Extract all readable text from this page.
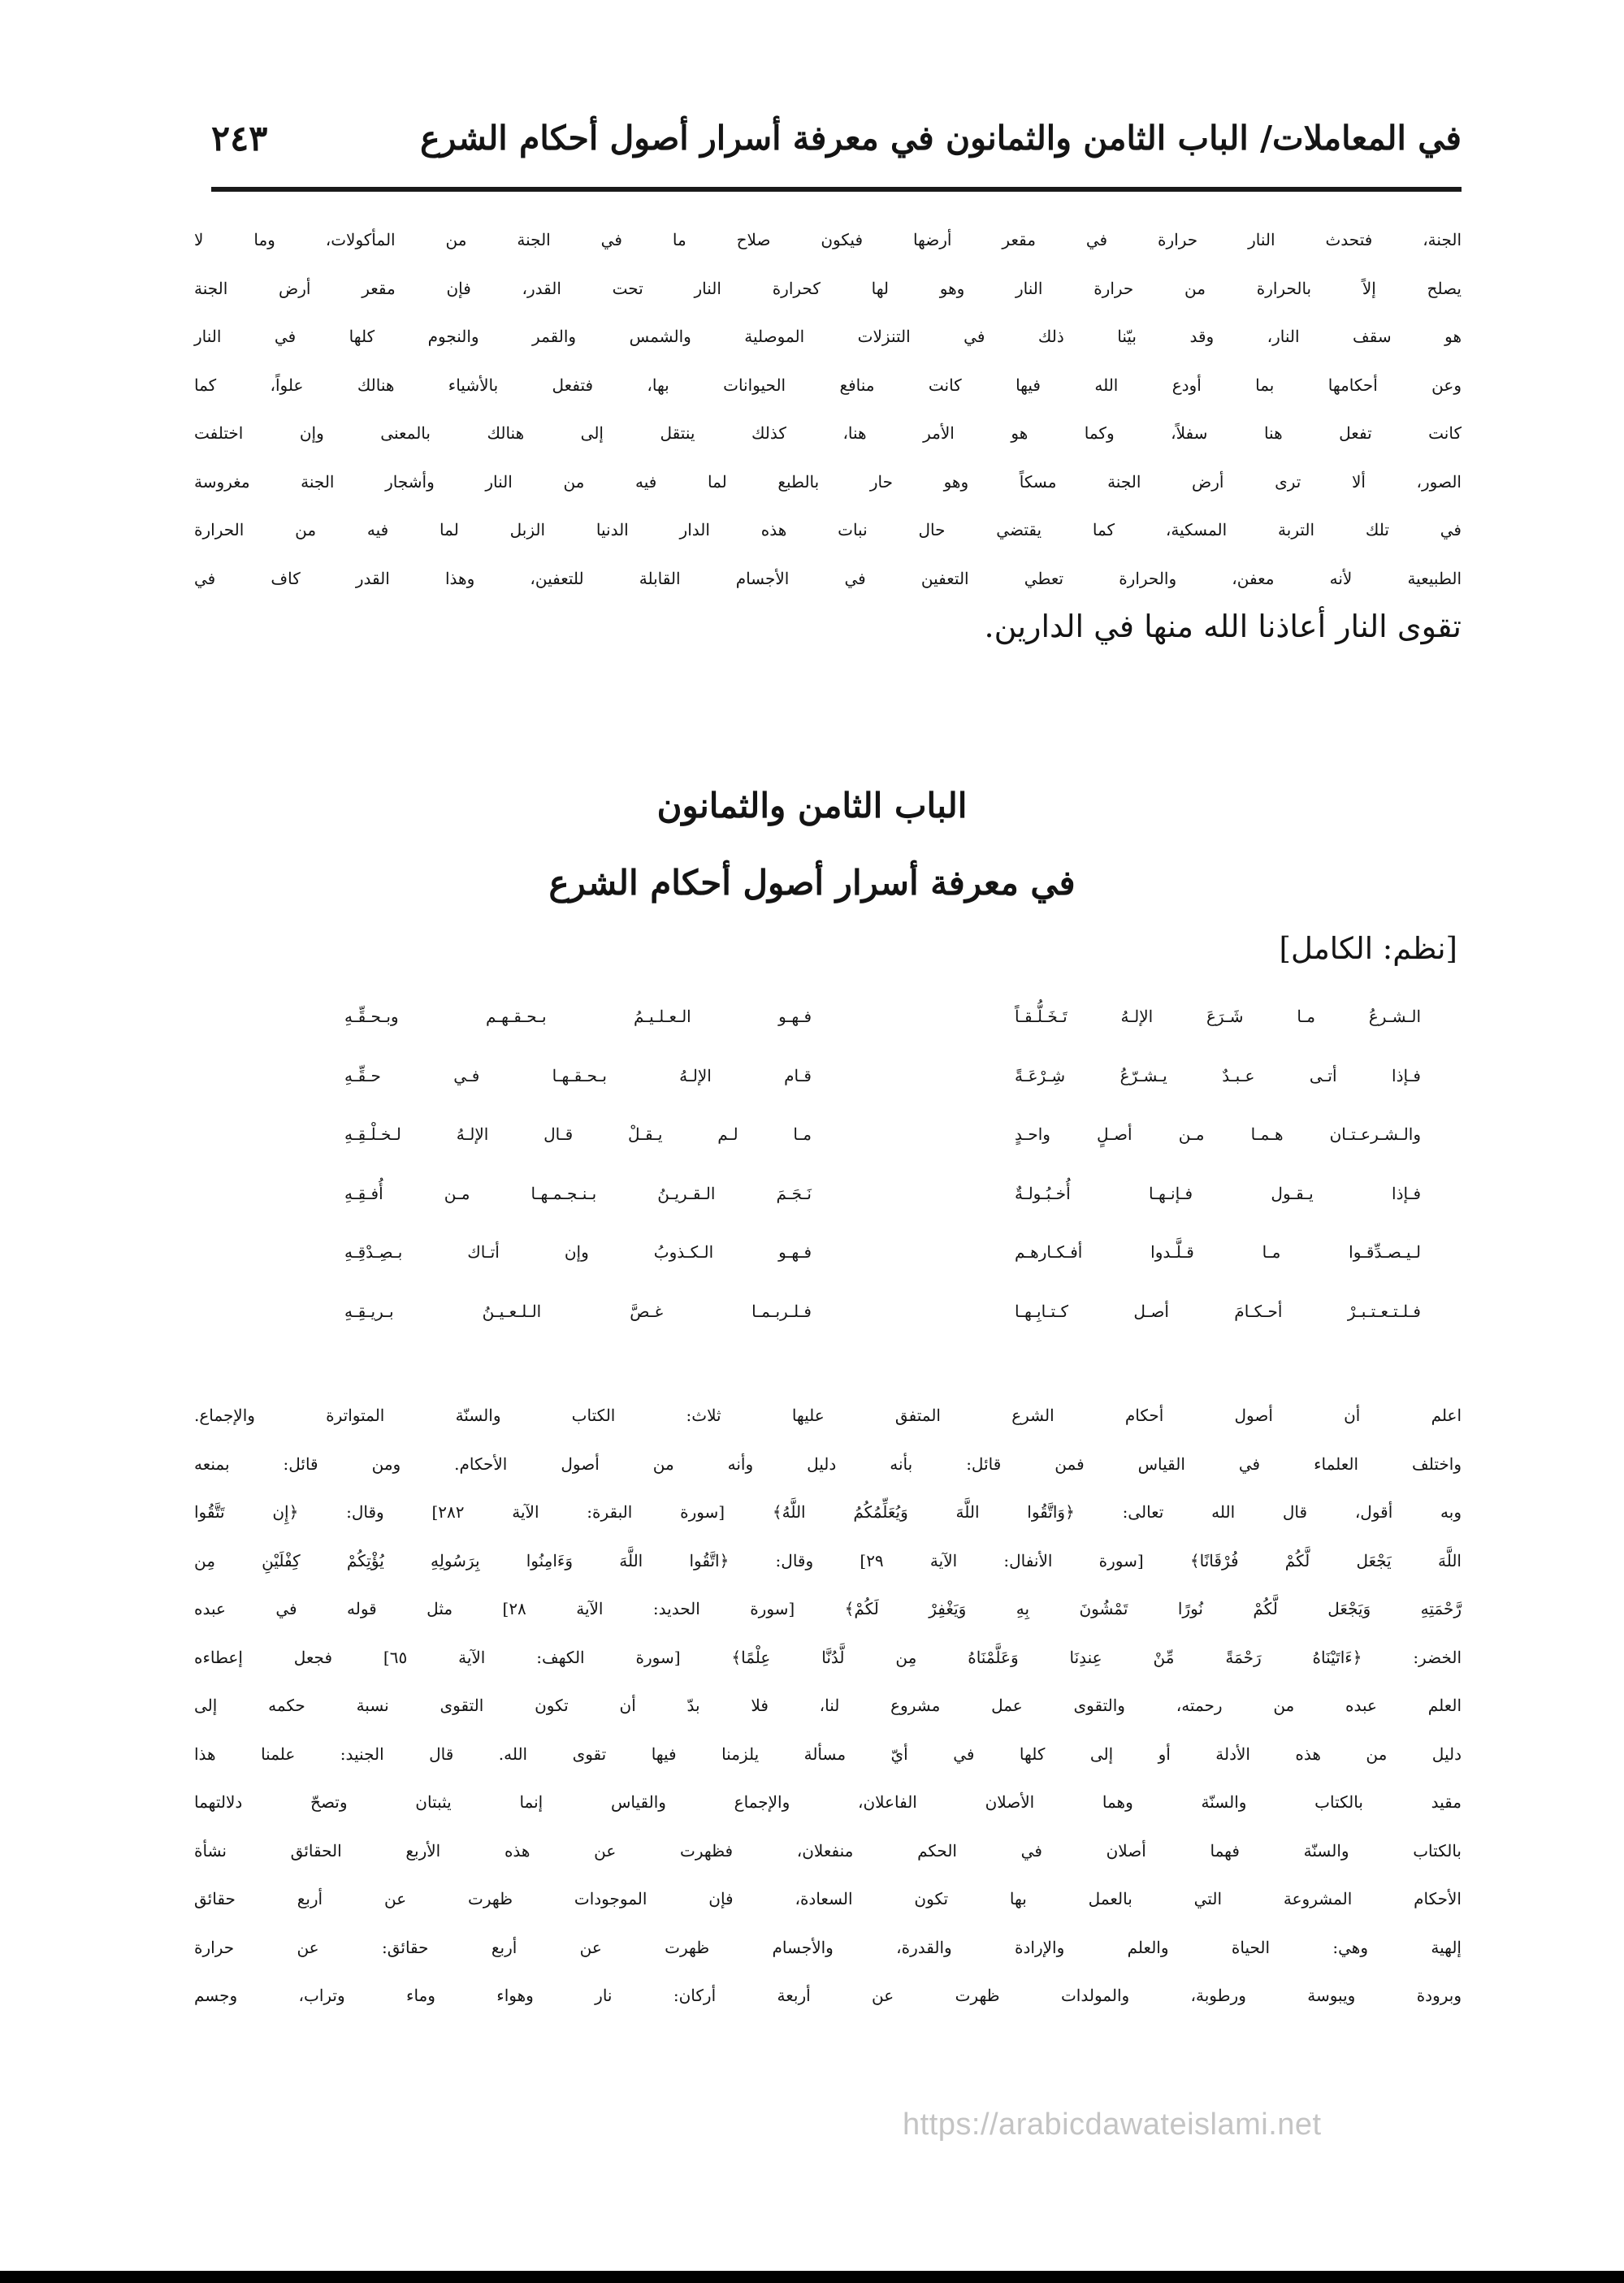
في المعاملات/ الباب الثامن والثمانون في معرفة أسرار أصول أحكام الشرع
٢٤٣
الجنة، فتحدث النار حرارة في مقعر أرضها فيكون صلاح ما في الجنة من المأكولات، وما لا
يصلح إلاً بالحرارة من حرارة النار وهو لها كحرارة النار تحت القدر، فإن مقعر أرض الجنة
هو سقف النار، وقد بيّنا ذلك في التنزلات الموصلية والشمس والقمر والنجوم كلها في النار
وعن أحكامها بما أودع الله فيها كانت منافع الحيوانات بها، فتفعل بالأشياء هنالك علواً، كما
كانت تفعل هنا سفلاً، وكما هو الأمر هنا، كذلك ينتقل إلى هنالك بالمعنى وإن اختلفت
الصور، ألا ترى أرض الجنة مسكاً وهو حار بالطبع لما فيه من النار وأشجار الجنة مغروسة
في تلك التربة المسكية، كما يقتضي حال نبات هذه الدار الدنيا الزبل لما فيه من الحرارة
الطبيعية لأنه معفن، والحرارة تعطي التعفين في الأجسام القابلة للتعفين، وهذا القدر كاف في
تقوى النار أعاذنا الله منها في الدارين.
الباب الثامن والثمانون
في معرفة أسرار أصول أحكام الشرع
[نظم: الكامل]
الـشـرعُ مـا شَـرَعَ الإلـهُ تَـخَـلُّـقـاً
فـإذا أتـى عـبـدٌ يـشـرّعُ شِـرْعَـةً
والـشـرعـتـان هـمـا مـن أصـلٍ واحـدٍ
فـإذا يـقـول فـإنـهـا أُخـبُـولـةٌ
لـيـصـدِّقـوا مـا قـلَّـدوا أفـكـارهـم
فـلـتـعـتـبـرْ أحـكـامَ أصـل كـتـابِـهـا
فـهـو الـعـلـيـمُ بـحـقـهـم وبـحـقِّـهِ
قـام الإلـهُ بـحـقـهـا فـي حـقِّـهِ
مـا لـم يـقـلْ قـال الإلـهُ لـخـلْـقِـهِ
نَـجَـمَ الـقـريـنُ بـنـجـمـهـا مـن أُفـقِـهِ
فـهـو الـكـذوبُ وإن أتـاك بـصِـدْقِـهِ
فـلـربـمـا غـصَّ الـلـعـيـنُ بـريـقِـهِ
اعلم أن أصول أحكام الشرع المتفق عليها ثلاث: الكتاب والسنّة المتواترة والإجماع.
واختلف العلماء في القياس فمن قائل: بأنه دليل وأنه من أصول الأحكام. ومن قائل: بمنعه
وبه أقول، قال الله تعالى: ﴿وَاتَّقُوا اللَّهَ وَيُعَلِّمُكُمُ اللَّهُ﴾ [سورة البقرة: الآية ٢٨٢] وقال: ﴿إِن تَتَّقُوا
اللَّهَ يَجْعَل لَّكُمْ فُرْقَانًا﴾ [سورة الأنفال: الآية ٢٩] وقال: ﴿اتَّقُوا اللَّهَ وَءَامِنُوا بِرَسُولِهِ يُؤْتِكُمْ كِفْلَيْنِ مِن
رَّحْمَتِهِ وَيَجْعَل لَّكُمْ نُورًا تَمْشُونَ بِهِ وَيَغْفِرْ لَكُمْ﴾ [سورة الحديد: الآية ٢٨] مثل قوله في عبده
الخضر: ﴿ءَاتَيْنَاهُ رَحْمَةً مِّنْ عِندِنَا وَعَلَّمْنَاهُ مِن لَّدُنَّا عِلْمًا﴾ [سورة الكهف: الآية ٦٥] فجعل إعطاءه
العلم عبده من رحمته، والتقوى عمل مشروع لنا، فلا بدّ أن تكون التقوى نسبة حكمه إلى
دليل من هذه الأدلة أو إلى كلها في أيّ مسألة يلزمنا فيها تقوى الله. قال الجنيد: علمنا هذا
مقيد بالكتاب والسنّة وهما الأصلان الفاعلان، والإجماع والقياس إنما يثبتان وتصحّ دلالتهما
بالكتاب والسنّة فهما أصلان في الحكم منفعلان، فظهرت عن هذه الأربع الحقائق نشأة
الأحكام المشروعة التي بالعمل بها تكون السعادة، فإن الموجودات ظهرت عن أربع حقائق
إلهية وهي: الحياة والعلم والإرادة والقدرة، والأجسام ظهرت عن أربع حقائق: عن حرارة
وبرودة ويبوسة ورطوبة، والمولدات ظهرت عن أربعة أركان: نار وهواء وماء وتراب، وجسم
https://arabicdawateislami.net
